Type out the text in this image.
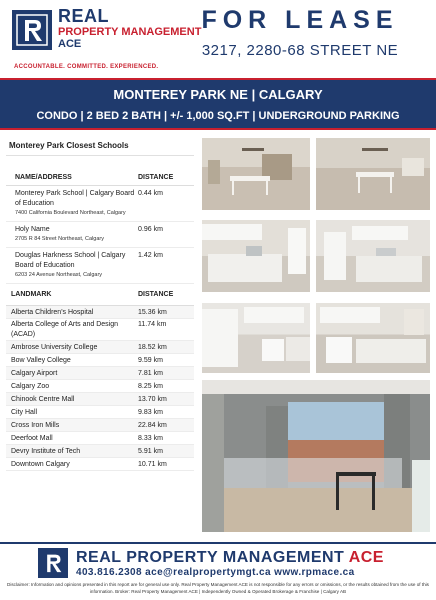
REAL
PROPERTY MANAGEMENT
ACE
ACCOUNTABLE. COMMITTED. EXPERIENCED.
FOR LEASE
3217, 2280-68 STREET NE
MONTEREY PARK NE | CALGARY
CONDO | 2 BED 2 BATH | +/- 1,000 SQ.FT | UNDERGROUND PARKING
Monterey Park Closest Schools
NAME/ADDRESS	DISTANCE
Monterey Park School | Calgary Board of Education
7400 California Boulevard Northeast, Calgary
0.44 km
Holy Name
2705 R 84 Street Northeast, Calgary
0.96 km
Douglas Harkness School | Calgary Board of Education
6203 24 Avenue Northeast, Calgary
1.42 km
LANDMARK	DISTANCE
Alberta Children's Hospital	15.36 km
Alberta College of Arts and Design (ACAD)
11.74 km
Ambrose University College	18.52 km
Bow Valley College	9.59 km
Calgary Airport	7.81 km
Calgary Zoo	8.25 km
Chinook Centre Mall	13.70 km
City Hall	9.83 km
Cross Iron Mills	22.84 km
Deerfoot Mall	8.33 km
Devry Institute of Tech	5.91 km
Downtown Calgary	10.71 km
REAL PROPERTY MANAGEMENT ACE
403.816.2308 ace@realpropertymgt.ca www.rpmace.ca
Disclaimer: Information and opinions presented in this report are for general use only. Real Property Management ACE is not responsible for any errors or omissions, or the results obtained from the use of this information. Broker: Real Property Management ACE | Independently Owned & Operated Brokerage & Franchise | Calgary AB
